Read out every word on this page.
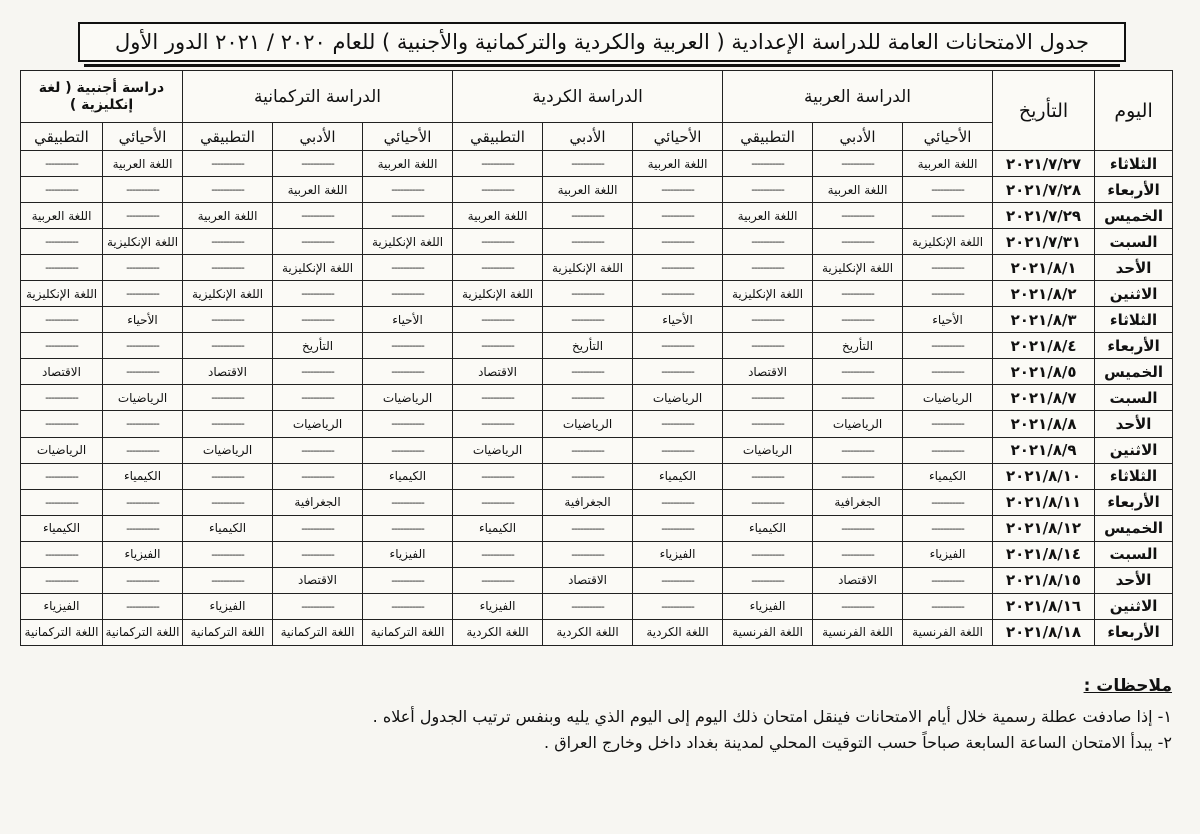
جدول الامتحانات العامة للدراسة الإعدادية ( العربية والكردية والتركمانية والأجنبية ) للعام ٢٠٢٠ / ٢٠٢١ الدور الأول
اليوم	التأريخ	الدراسة العربية			الدراسة الكردية			الدراسة التركمانية			دراسة أجنبية ( لغة إنكليزية )	
		الأحيائي	الأدبي	التطبيقي	الأحيائي	الأدبي	التطبيقي	الأحيائي	الأدبي	التطبيقي	الأحيائي	التطبيقي
الثلاثاء	٢٠٢١/٧/٢٧	اللغة العربية	-----------	-----------	اللغة العربية	-----------	-----------	اللغة العربية	-----------	-----------	اللغة العربية	-----------
الأربعاء	٢٠٢١/٧/٢٨	-----------	اللغة العربية	-----------	-----------	اللغة العربية	-----------	-----------	اللغة العربية	-----------	-----------	-----------
الخميس	٢٠٢١/٧/٢٩	-----------	-----------	اللغة العربية	-----------	-----------	اللغة العربية	-----------	-----------	اللغة العربية	-----------	اللغة العربية
السبت	٢٠٢١/٧/٣١	اللغة الإنكليزية	-----------	-----------	-----------	-----------	-----------	اللغة الإنكليزية	-----------	-----------	اللغة الإنكليزية	-----------
الأحد	٢٠٢١/٨/١	-----------	اللغة الإنكليزية	-----------	-----------	اللغة الإنكليزية	-----------	-----------	اللغة الإنكليزية	-----------	-----------	-----------
الاثنين	٢٠٢١/٨/٢	-----------	-----------	اللغة الإنكليزية	-----------	-----------	اللغة الإنكليزية	-----------	-----------	اللغة الإنكليزية	-----------	اللغة الإنكليزية
الثلاثاء	٢٠٢١/٨/٣	الأحياء	-----------	-----------	الأحياء	-----------	-----------	الأحياء	-----------	-----------	الأحياء	-----------
الأربعاء	٢٠٢١/٨/٤	-----------	التأريخ	-----------	-----------	التأريخ	-----------	-----------	التأريخ	-----------	-----------	-----------
الخميس	٢٠٢١/٨/٥	-----------	-----------	الاقتصاد	-----------	-----------	الاقتصاد	-----------	-----------	الاقتصاد	-----------	الاقتصاد
السبت	٢٠٢١/٨/٧	الرياضيات	-----------	-----------	الرياضيات	-----------	-----------	الرياضيات	-----------	-----------	الرياضيات	-----------
الأحد	٢٠٢١/٨/٨	-----------	الرياضيات	-----------	-----------	الرياضيات	-----------	-----------	الرياضيات	-----------	-----------	-----------
الاثنين	٢٠٢١/٨/٩	-----------	-----------	الرياضيات	-----------	-----------	الرياضيات	-----------	-----------	الرياضيات	-----------	الرياضيات
الثلاثاء	٢٠٢١/٨/١٠	الكيمياء	-----------	-----------	الكيمياء	-----------	-----------	الكيمياء	-----------	-----------	الكيمياء	-----------
الأربعاء	٢٠٢١/٨/١١	-----------	الجغرافية	-----------	-----------	الجغرافية	-----------	-----------	الجغرافية	-----------	-----------	-----------
الخميس	٢٠٢١/٨/١٢	-----------	-----------	الكيمياء	-----------	-----------	الكيمياء	-----------	-----------	الكيمياء	-----------	الكيمياء
السبت	٢٠٢١/٨/١٤	الفيزياء	-----------	-----------	الفيزياء	-----------	-----------	الفيزياء	-----------	-----------	الفيزياء	-----------
الأحد	٢٠٢١/٨/١٥	-----------	الاقتصاد	-----------	-----------	الاقتصاد	-----------	-----------	الاقتصاد	-----------	-----------	-----------
الاثنين	٢٠٢١/٨/١٦	-----------	-----------	الفيزياء	-----------	-----------	الفيزياء	-----------	-----------	الفيزياء	-----------	الفيزياء
الأربعاء	٢٠٢١/٨/١٨	اللغة الفرنسية	اللغة الفرنسية	اللغة الفرنسية	اللغة الكردية	اللغة الكردية	اللغة الكردية	اللغة التركمانية	اللغة التركمانية	اللغة التركمانية	اللغة التركمانية	اللغة التركمانية
ملاحظات :
١- إذا صادفت عطلة رسمية خلال أيام الامتحانات فينقل امتحان ذلك اليوم إلى اليوم الذي يليه وبنفس ترتيب الجدول أعلاه .
٢- يبدأ الامتحان الساعة السابعة صباحاً حسب التوقيت المحلي لمدينة بغداد داخل وخارج العراق .
